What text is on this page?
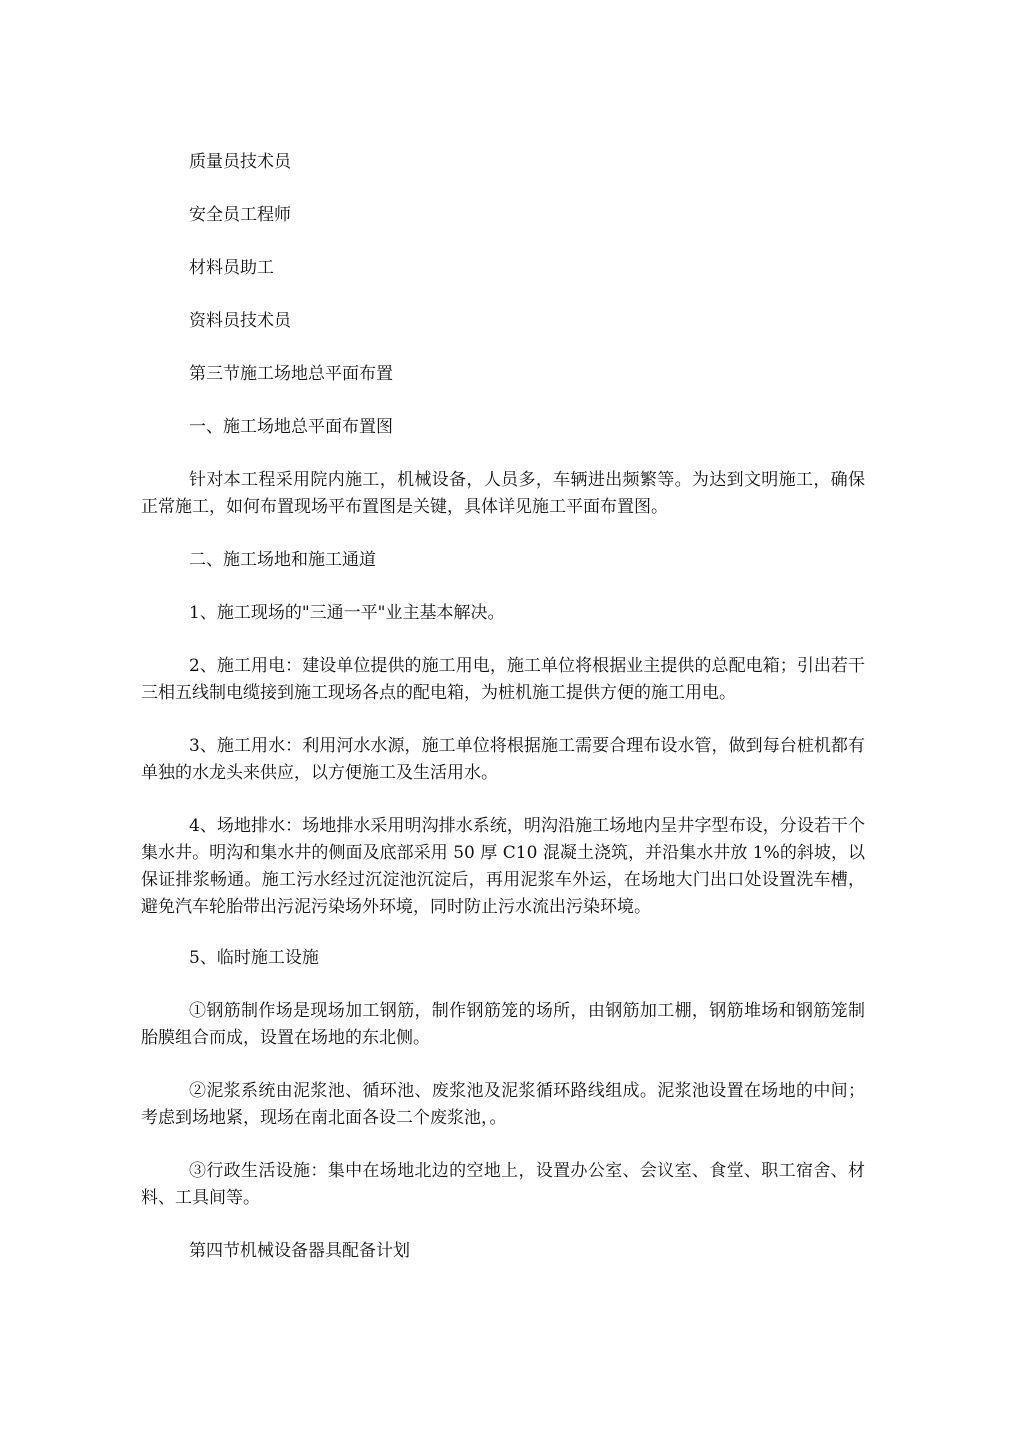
质量员技术员

安全员工程师

材料员助工

资料员技术员

第三节施工场地总平面布置

一、施工场地总平面布置图

针对本工程采用院内施工，机械设备，人员多，车辆进出频繁等。为达到文明施工，确保正常施工，如何布置现场平布置图是关键，具体详见施工平面布置图。

二、施工场地和施工通道

1、施工现场的"三通一平"业主基本解决。

2、施工用电：建设单位提供的施工用电，施工单位将根据业主提供的总配电箱；引出若干三相五线制电缆接到施工现场各点的配电箱，为桩机施工提供方便的施工用电。

3、施工用水：利用河水水源，施工单位将根据施工需要合理布设水管，做到每台桩机都有单独的水龙头来供应，以方便施工及生活用水。

4、场地排水：场地排水采用明沟排水系统，明沟沿施工场地内呈井字型布设，分设若干个集水井。明沟和集水井的侧面及底部采用 50 厚 C10 混凝土浇筑，并沿集水井放 1%的斜坡，以保证排浆畅通。施工污水经过沉淀池沉淀后，再用泥浆车外运，在场地大门出口处设置洗车槽，避免汽车轮胎带出污泥污染场外环境，同时防止污水流出污染环境。

5、临时施工设施

①钢筋制作场是现场加工钢筋，制作钢筋笼的场所，由钢筋加工棚，钢筋堆场和钢筋笼制胎膜组合而成，设置在场地的东北侧。

②泥浆系统由泥浆池、循环池、废浆池及泥浆循环路线组成。泥浆池设置在场地的中间；考虑到场地紧，现场在南北面各设二个废浆池，。

③行政生活设施：集中在场地北边的空地上，设置办公室、会议室、食堂、职工宿舍、材料、工具间等。

第四节机械设备器具配备计划
